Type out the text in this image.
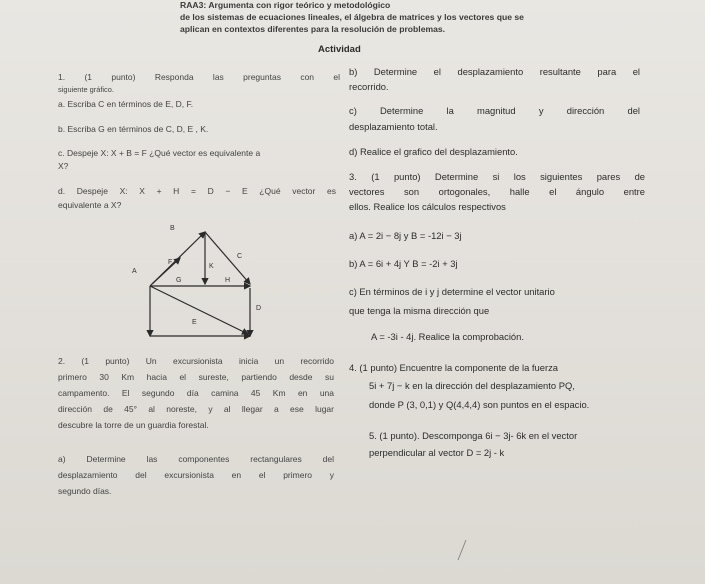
RAA3: Argumenta con rigor teórico y metodológico
de los sistemas de ecuaciones lineales, el álgebra de matrices y los vectores que se
aplican en contextos diferentes para la resolución de problemas.
Actividad
1. (1 punto) Responda las preguntas con el
siguiente gráfico.
a. Escriba C en términos de E, D, F.
b. Escriba G en términos de C, D, E , K.
c. Despeje X: X + B = F ¿Qué vector es equivalente a
X?
d. Despeje X: X + H = D − E ¿Qué vector es
equivalente a X?
B
A
F
K
C
G	H
D
E
2. (1 punto) Un excursionista inicia un recorrido
primero 30 Km hacia el sureste, partiendo desde su
campamento. El segundo día camina 45 Km en una
dirección de 45° al noreste, y al llegar a ese lugar
descubre la torre de un guardia forestal.
a) Determine las componentes rectangulares del
desplazamiento del excursionista en el primero y
segundo días.
b) Determine el desplazamiento resultante para el
recorrido.
c) Determine la magnitud y dirección del
desplazamiento total.
d) Realice el grafico del desplazamiento.
3. (1 punto) Determine si los siguientes pares de
vectores son ortogonales, halle el ángulo entre
ellos. Realice los cálculos respectivos
a) A = 2i − 8j y B = -12i − 3j
b) A = 6i + 4j Y B = -2i + 3j
c) En términos de i y j determine el vector unitario
que tenga la misma dirección que
A = -3i - 4j. Realice la comprobación.
4. (1 punto) Encuentre la componente de la fuerza
5i + 7j − k en la dirección del desplazamiento PQ,
donde P (3, 0,1) y Q(4,4,4) son puntos en el espacio.
5. (1 punto). Descomponga 6i − 3j- 6k en el vector
perpendicular al vector D = 2j - k
